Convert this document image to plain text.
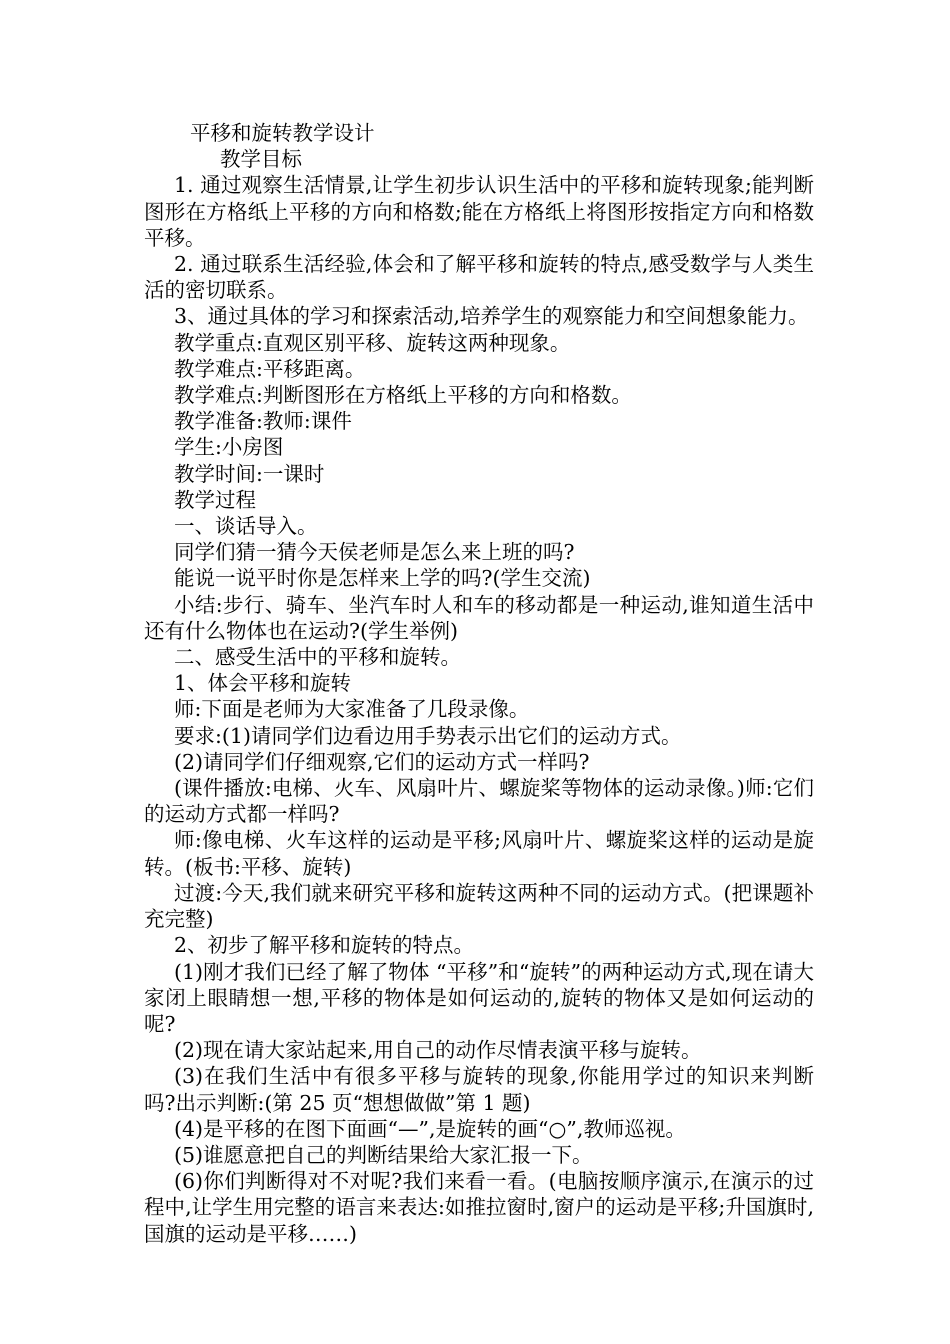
平移和旋转教学设计

教学目标

1. 通过观察生活情景,让学生初步认识生活中的平移和旋转现象;能判断图形在方格纸上平移的方向和格数;能在方格纸上将图形按指定方向和格数平移。

2. 通过联系生活经验,体会和了解平移和旋转的特点,感受数学与人类生活的密切联系。

3、通过具体的学习和探索活动,培养学生的观察能力和空间想象能力。

教学重点:直观区别平移、旋转这两种现象。

教学难点:平移距离。

教学难点:判断图形在方格纸上平移的方向和格数。

教学准备:教师:课件

学生:小房图

教学时间:一课时

教学过程

一、谈话导入。

同学们猜一猜今天侯老师是怎么来上班的吗?

能说一说平时你是怎样来上学的吗?(学生交流)

小结:步行、骑车、坐汽车时人和车的移动都是一种运动,谁知道生活中还有什么物体也在运动?(学生举例)

二、感受生活中的平移和旋转。

1、体会平移和旋转

师:下面是老师为大家准备了几段录像。

要求:(1)请同学们边看边用手势表示出它们的运动方式。

(2)请同学们仔细观察,它们的运动方式一样吗?

(课件播放:电梯、火车、风扇叶片、螺旋桨等物体的运动录像。)师:它们的运动方式都一样吗?

师:像电梯、火车这样的运动是平移;风扇叶片、螺旋桨这样的运动是旋转。(板书:平移、旋转)

过渡:今天,我们就来研究平移和旋转这两种不同的运动方式。(把课题补充完整)

2、初步了解平移和旋转的特点。

(1)刚才我们已经了解了物体 “平移”和“旋转”的两种运动方式,现在请大家闭上眼睛想一想,平移的物体是如何运动的,旋转的物体又是如何运动的呢?

(2)现在请大家站起来,用自己的动作尽情表演平移与旋转。

(3)在我们生活中有很多平移与旋转的现象,你能用学过的知识来判断吗?出示判断:(第 25 页“想想做做”第 1 题)

(4)是平移的在图下面画“—”,是旋转的画“○”,教师巡视。

(5)谁愿意把自己的判断结果给大家汇报一下。

(6)你们判断得对不对呢?我们来看一看。(电脑按顺序演示,在演示的过程中,让学生用完整的语言来表达:如推拉窗时,窗户的运动是平移;升国旗时,国旗的运动是平移……)
